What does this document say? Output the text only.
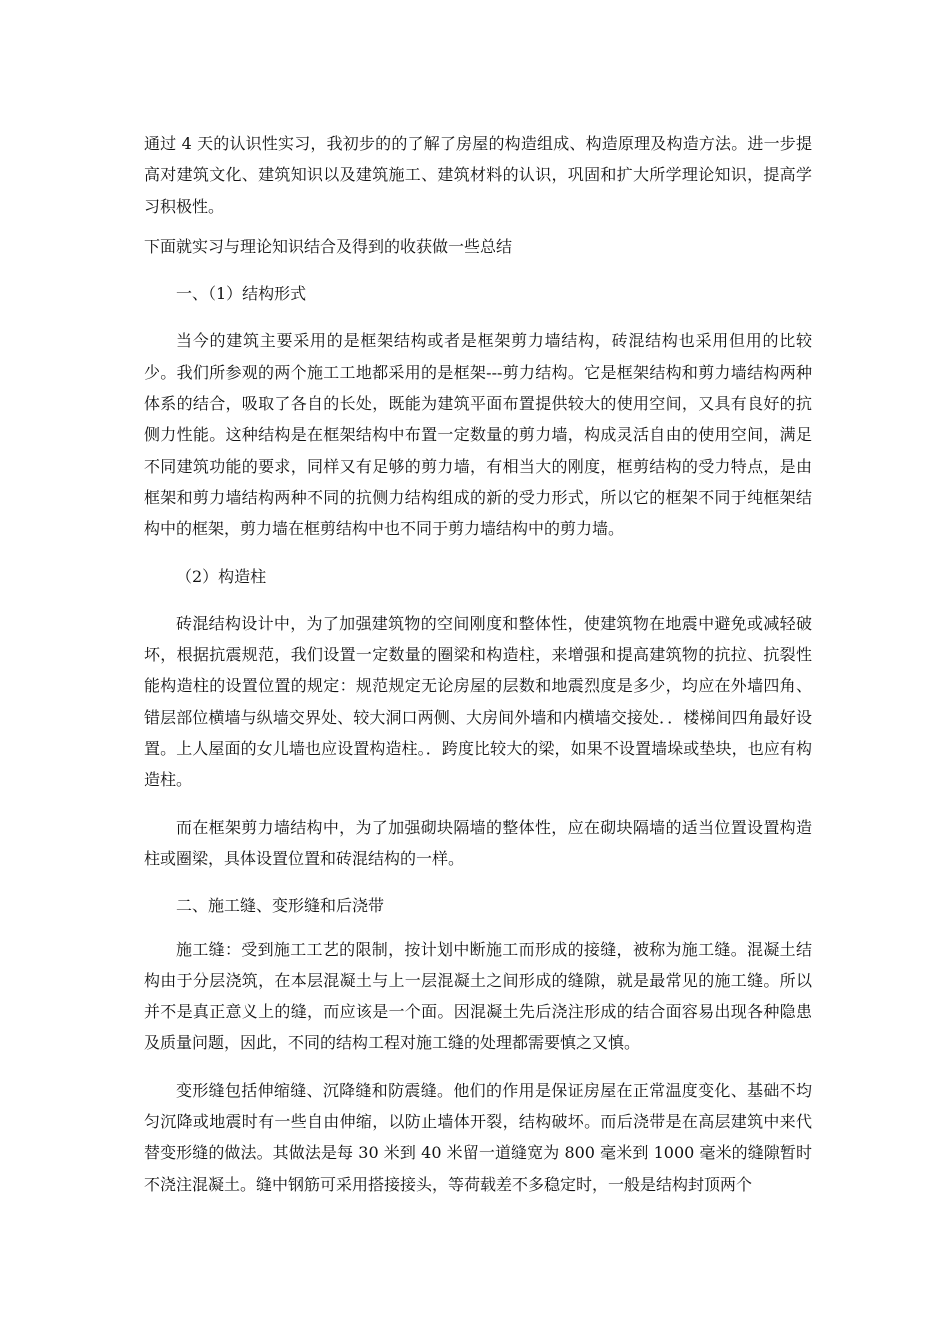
通过 4 天的认识性实习，我初步的的了解了房屋的构造组成、构造原理及构造方法。进一步提高对建筑文化、建筑知识以及建筑施工、建筑材料的认识，巩固和扩大所学理论知识，提高学习积极性。

下面就实习与理论知识结合及得到的收获做一些总结

一、（1）结构形式

当今的建筑主要采用的是框架结构或者是框架剪力墙结构，砖混结构也采用但用的比较少。我们所参观的两个施工工地都采用的是框架---剪力结构。它是框架结构和剪力墙结构两种体系的结合，吸取了各自的长处，既能为建筑平面布置提供较大的使用空间，又具有良好的抗侧力性能。这种结构是在框架结构中布置一定数量的剪力墙，构成灵活自由的使用空间，满足不同建筑功能的要求，同样又有足够的剪力墙，有相当大的刚度，框剪结构的受力特点，是由框架和剪力墙结构两种不同的抗侧力结构组成的新的受力形式，所以它的框架不同于纯框架结构中的框架，剪力墙在框剪结构中也不同于剪力墙结构中的剪力墙。

（2）构造柱

砖混结构设计中，为了加强建筑物的空间刚度和整体性，使建筑物在地震中避免或减轻破坏，根据抗震规范，我们设置一定数量的圈梁和构造柱，来增强和提高建筑物的抗拉、抗裂性能构造柱的设置位置的规定：规范规定无论房屋的层数和地震烈度是多少，均应在外墙四角、错层部位横墙与纵墙交界处、较大洞口两侧、大房间外墙和内横墙交接处．．楼梯间四角最好设置。上人屋面的女儿墙也应设置构造柱。．跨度比较大的梁，如果不设置墙垛或垫块，也应有构造柱。

而在框架剪力墙结构中，为了加强砌块隔墙的整体性，应在砌块隔墙的适当位置设置构造柱或圈梁，具体设置位置和砖混结构的一样。

二、施工缝、变形缝和后浇带

施工缝：受到施工工艺的限制，按计划中断施工而形成的接缝，被称为施工缝。混凝土结构由于分层浇筑，在本层混凝土与上一层混凝土之间形成的缝隙，就是最常见的施工缝。所以并不是真正意义上的缝，而应该是一个面。因混凝土先后浇注形成的结合面容易出现各种隐患及质量问题，因此，不同的结构工程对施工缝的处理都需要慎之又慎。

变形缝包括伸缩缝、沉降缝和防震缝。他们的作用是保证房屋在正常温度变化、基础不均匀沉降或地震时有一些自由伸缩，以防止墙体开裂，结构破坏。而后浇带是在高层建筑中来代替变形缝的做法。其做法是每 30 米到 40 米留一道缝宽为 800 毫米到 1000 毫米的缝隙暂时不浇注混凝土。缝中钢筋可采用搭接接头，等荷载差不多稳定时，一般是结构封顶两个
